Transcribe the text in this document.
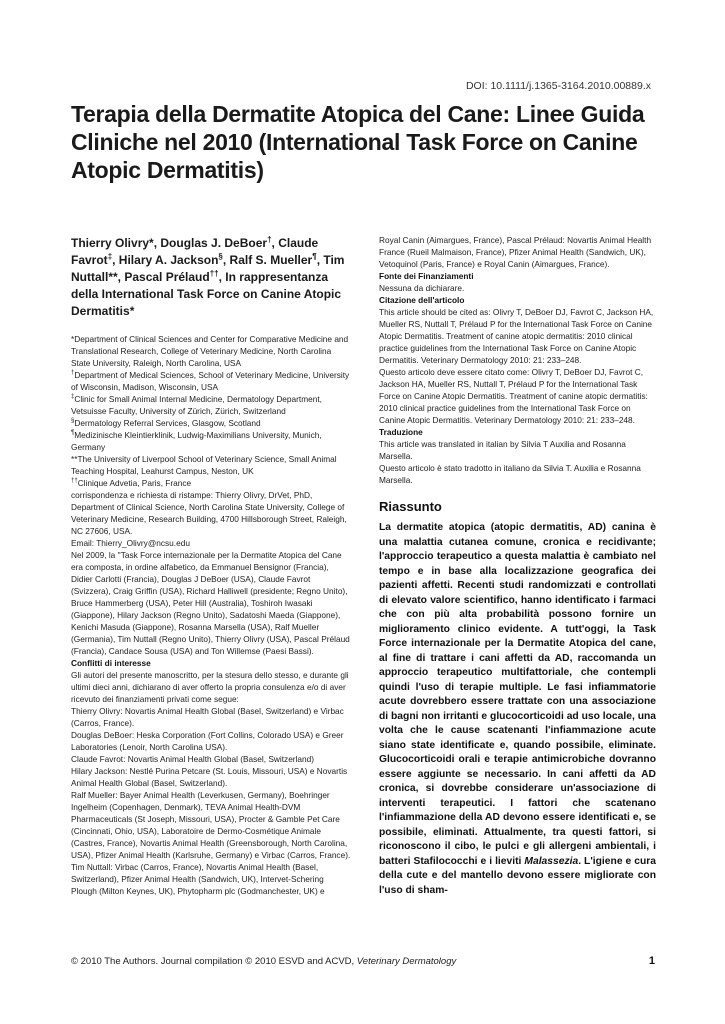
DOI: 10.1111/j.1365-3164.2010.00889.x
Terapia della Dermatite Atopica del Cane: Linee Guida Cliniche nel 2010 (International Task Force on Canine Atopic Dermatitis)
Thierry Olivry*, Douglas J. DeBoer†, Claude Favrot‡, Hilary A. Jackson§, Ralf S. Mueller¶, Tim Nuttall**, Pascal Prélaud††, In rappresentanza della International Task Force on Canine Atopic Dermatitis*

*Department of Clinical Sciences and Center for Comparative Medicine and Translational Research, College of Veterinary Medicine, North Carolina State University, Raleigh, North Carolina, USA

†Department of Medical Sciences, School of Veterinary Medicine, University of Wisconsin, Madison, Wisconsin, USA

‡Clinic for Small Animal Internal Medicine, Dermatology Department, Vetsuisse Faculty, University of Zürich, Zürich, Switzerland

§Dermatology Referral Services, Glasgow, Scotland

¶Medizinische Kleintierklinik, Ludwig-Maximilians University, Munich, Germany

**The University of Liverpool School of Veterinary Science, Small Animal Teaching Hospital, Leahurst Campus, Neston, UK

††Clinique Advetia, Paris, France

corrispondenza e richiesta di ristampe: Thierry Olivry, DrVet, PhD, Department of Clinical Science, North Carolina State University, College of Veterinary Medicine, Research Building, 4700 Hillsborough Street, Raleigh, NC 27606, USA.

Email: Thierry_Olivry@ncsu.edu

Nel 2009, la ''Task Force internazionale per la Dermatite Atopica del Cane era composta, in ordine alfabetico, da Emmanuel Bensignor (Francia), Didier Carlotti (Francia), Douglas J DeBoer (USA), Claude Favrot (Svizzera), Craig Griffin (USA), Richard Halliwell (presidente; Regno Unito), Bruce Hammerberg (USA), Peter Hill (Australia), Toshiroh Iwasaki (Giappone), Hilary Jackson (Regno Unito), Sadatoshi Maeda (Giappone), Kenichi Masuda (Giappone), Rosanna Marsella (USA), Ralf Mueller (Germania), Tim Nuttall (Regno Unito), Thierry Olivry (USA), Pascal Prélaud (Francia), Candace Sousa (USA) and Ton Willemse (Paesi Bassi).

Conflitti di interesse

Gli autori del presente manoscritto, per la stesura dello stesso, e durante gli ultimi dieci anni, dichiarano di aver offerto la propria consulenza e/o di aver ricevuto dei finanziamenti privati come segue:

Thierry Olivry: Novartis Animal Health Global (Basel, Switzerland) e Virbac (Carros, France).

Douglas DeBoer: Heska Corporation (Fort Collins, Colorado USA) e Greer Laboratories (Lenoir, North Carolina USA).

Claude Favrot: Novartis Animal Health Global (Basel, Switzerland)

Hilary Jackson: Nestlé Purina Petcare (St. Louis, Missouri, USA) e Novartis Animal Health Global (Basel, Switzerland).

Ralf Mueller: Bayer Animal Health (Leverkusen, Germany), Boehringer Ingelheim (Copenhagen, Denmark), TEVA Animal Health-DVM Pharmaceuticals (St Joseph, Missouri, USA), Procter & Gamble Pet Care (Cincinnati, Ohio, USA), Laboratoire de Dermo-Cosmétique Animale (Castres, France), Novartis Animal Health (Greensborough, North Carolina, USA), Pfizer Animal Health (Karlsruhe, Germany) e Virbac (Carros, France).

Tim Nuttall: Virbac (Carros, France), Novartis Animal Health (Basel, Switzerland), Pfizer Animal Health (Sandwich, UK), Intervet-Schering Plough (Milton Keynes, UK), Phytopharm plc (Godmanchester, UK) e

Royal Canin (Aimargues, France), Pascal Prélaud: Novartis Animal Health France (Rueil Malmaison, France), Pfizer Animal Health (Sandwich, UK), Vetoquinol (Paris, France) e Royal Canin (Aimargues, France).

Fonte dei Finanziamenti

Nessuna da dichiarare.

Citazione dell'articolo

This article should be cited as: Olivry T, DeBoer DJ, Favrot C, Jackson HA, Mueller RS, Nuttall T, Prélaud P for the International Task Force on Canine Atopic Dermatitis. Treatment of canine atopic dermatitis: 2010 clinical practice guidelines from the International Task Force on Canine Atopic Dermatitis. Veterinary Dermatology 2010: 21: 233–248.

Questo articolo deve essere citato come: Olivry T, DeBoer DJ, Favrot C, Jackson HA, Mueller RS, Nuttall T, Prélaud P for the International Task Force on Canine Atopic Dermatitis. Treatment of canine atopic dermatitis: 2010 clinical practice guidelines from the International Task Force on Canine Atopic Dermatitis. Veterinary Dermatology 2010: 21: 233–248.

Traduzione

This article was translated in italian by Silvia T Auxilia and Rosanna Marsella.

Questo articolo è stato tradotto in italiano da Silvia T. Auxilia e Rosanna Marsella.

Riassunto

La dermatite atopica (atopic dermatitis, AD) canina è una malattia cutanea comune, cronica e recidivante; l'approccio terapeutico a questa malattia è cambiato nel tempo e in base alla localizzazione geografica dei pazienti affetti. Recenti studi randomizzati e controllati di elevato valore scientifico, hanno identificato i farmaci che con più alta probabilità possono fornire un miglioramento clinico evidente. A tutt'oggi, la Task Force internazionale per la Dermatite Atopica del cane, al fine di trattare i cani affetti da AD, raccomanda un approccio terapeutico multifattoriale, che contempli quindi l'uso di terapie multiple. Le fasi infiammatorie acute dovrebbero essere trattate con una associazione di bagni non irritanti e glucocorticoidi ad uso locale, una volta che le cause scatenanti l'infiammazione acute siano state identificate e, quando possibile, eliminate. Glucocorticoidi orali e terapie antimicrobiche dovranno essere aggiunte se necessario. In cani affetti da AD cronica, si dovrebbe considerare un'associazione di interventi terapeutici. I fattori che scatenano l'infiammazione della AD devono essere identificati e, se possibile, eliminati. Attualmente, tra questi fattori, si riconoscono il cibo, le pulci e gli allergeni ambientali, i batteri Stafilococchi e i lieviti Malassezia. L'igiene e cura della cute e del mantello devono essere migliorate con l'uso di sham-

© 2010 The Authors. Journal compilation © 2010 ESVD and ACVD, Veterinary Dermatology	1
